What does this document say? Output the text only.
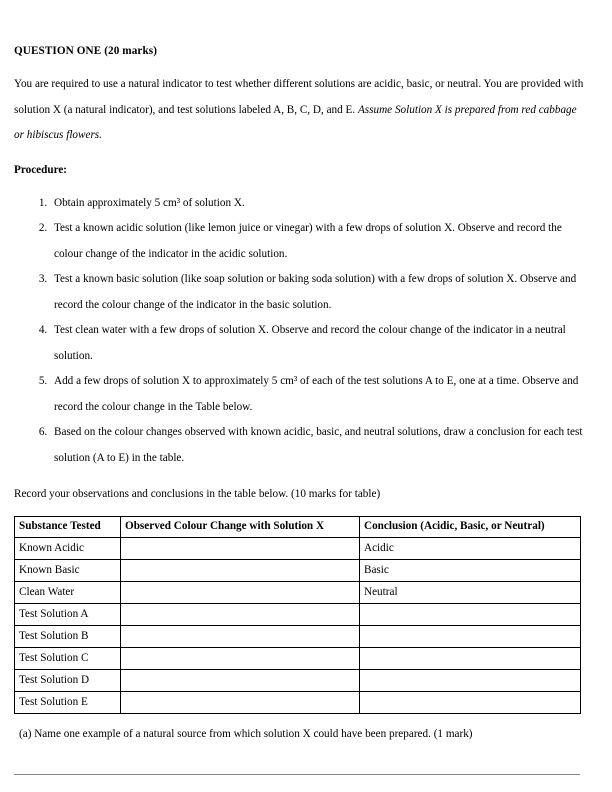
QUESTION ONE (20 marks)

You are required to use a natural indicator to test whether different solutions are acidic, basic, or neutral. You are provided with solution X (a natural indicator), and test solutions labeled A, B, C, D, and E. Assume Solution X is prepared from red cabbage or hibiscus flowers.

Procedure:
1. Obtain approximately 5 cm³ of solution X.
2. Test a known acidic solution (like lemon juice or vinegar) with a few drops of solution X. Observe and record the colour change of the indicator in the acidic solution.
3. Test a known basic solution (like soap solution or baking soda solution) with a few drops of solution X. Observe and record the colour change of the indicator in the basic solution.
4. Test clean water with a few drops of solution X. Observe and record the colour change of the indicator in a neutral solution.
5. Add a few drops of solution X to approximately 5 cm³ of each of the test solutions A to E, one at a time. Observe and record the colour change in the Table below.
6. Based on the colour changes observed with known acidic, basic, and neutral solutions, draw a conclusion for each test solution (A to E) in the table.

Record your observations and conclusions in the table below. (10 marks for table)

Substance Tested	Observed Colour Change with Solution X	Conclusion (Acidic, Basic, or Neutral)
Known Acidic		Acidic
Known Basic		Basic
Clean Water		Neutral
Test Solution A		
Test Solution B		
Test Solution C		
Test Solution D		
Test Solution E		

(a) Name one example of a natural source from which solution X could have been prepared. (1 mark)
